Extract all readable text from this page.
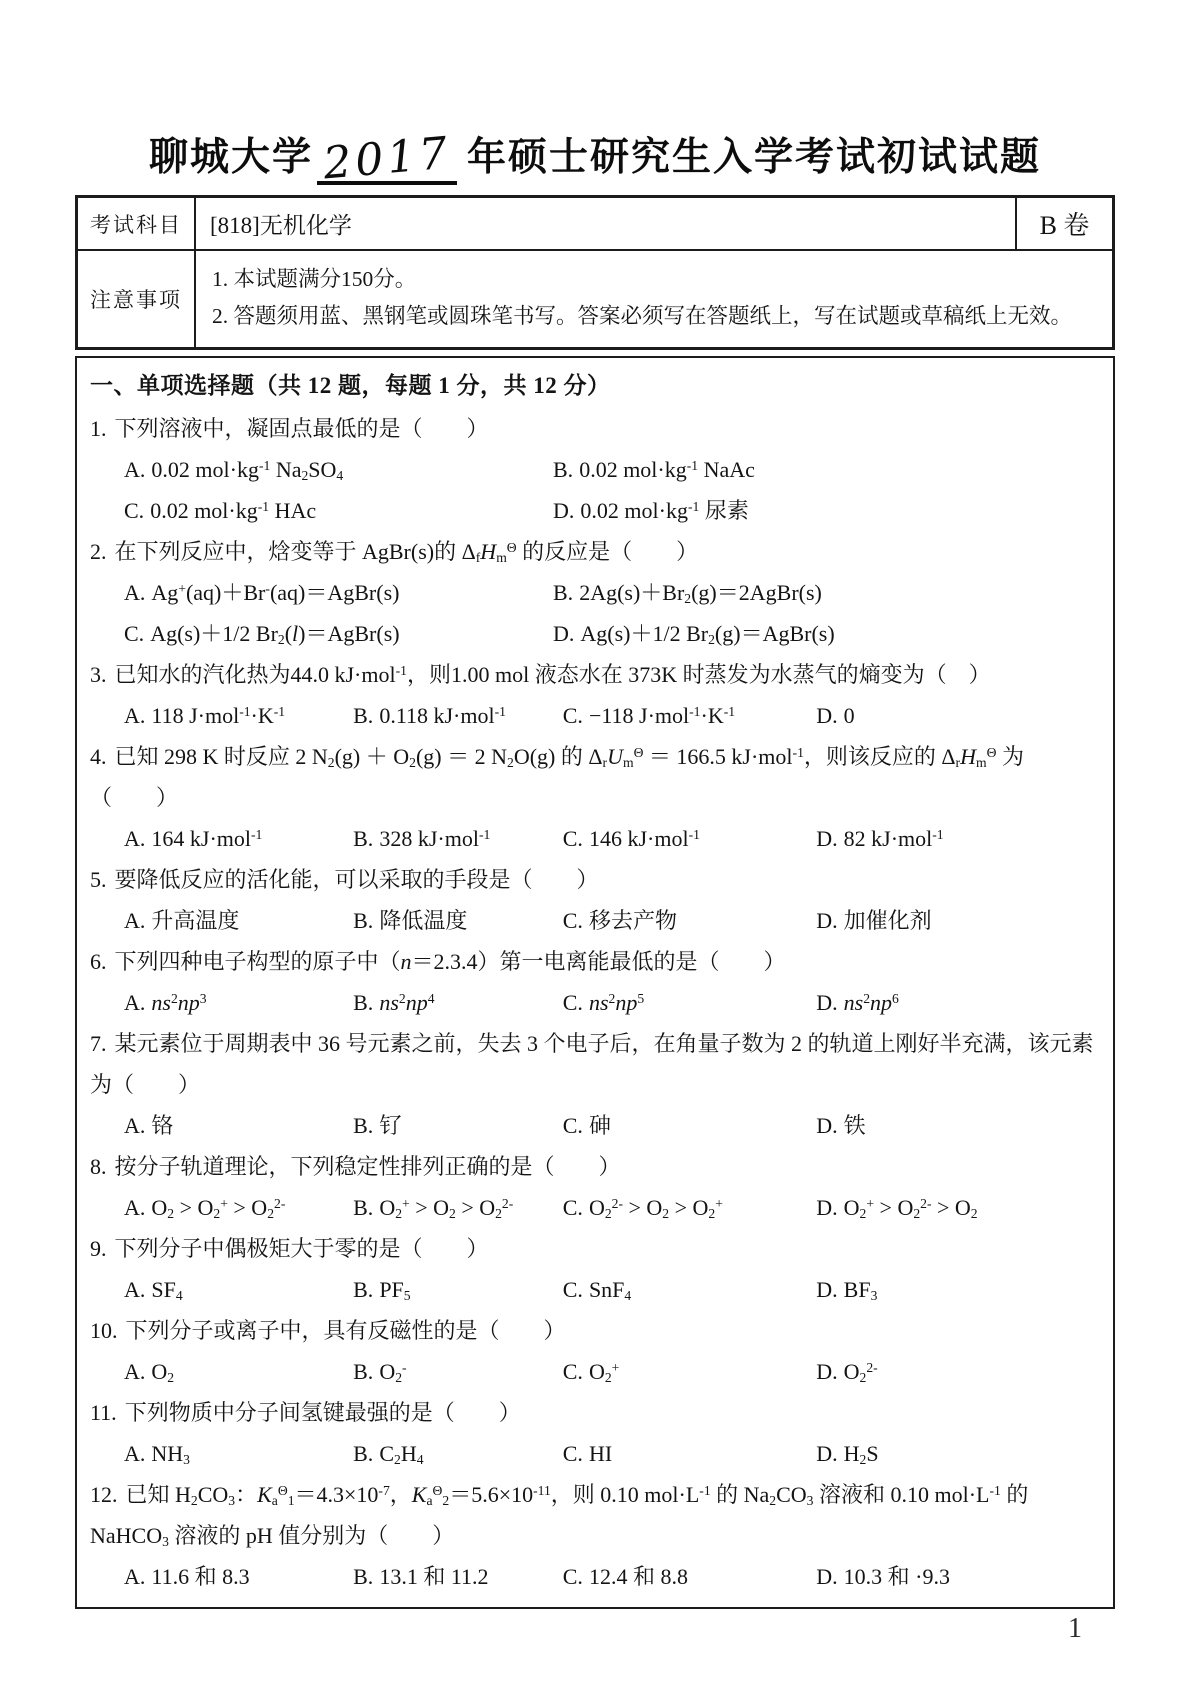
聊城大学 2017 年硕士研究生入学考试初试试题
考试科目	[818]无机化学	B 卷
注意事项
1. 本试题满分150分。
2. 答题须用蓝、黑钢笔或圆珠笔书写。答案必须写在答题纸上，写在试题或草稿纸上无效。
一、单项选择题（共 12 题，每题 1 分，共 12 分）
1. 下列溶液中，凝固点最低的是（　　）
A. 0.02 $mol\cdot kg^{-1}$ $Na_2SO_4$	B. 0.02 $mol\cdot kg^{-1}$ NaAc
C. 0.02 $mol\cdot kg^{-1}$ HAc	D. 0.02 $mol\cdot kg^{-1}$ 尿素
2. 在下列反应中，焓变等于 AgBr(s)的 $\Delta_fH_m^\Theta$ 的反应是（　　）
A. Ag+(aq)＋Br-(aq)＝AgBr(s)	B. $2Ag(s)+Br_2(g)=2AgBr(s)$
C. Ag(s)＋1/2 $Br_2(l)=AgBr(s)$	D. Ag(s)＋1/2 $Br_2(g)=AgBr(s)$
3. 已知水的汽化热为44.0 kJ·mol$^{-1}$，则1.00 mol 液态水在 373K 时蒸发为水蒸气的熵变为（　）
A. 118 $J\cdot mol^{-1}\cdot K^{-1}$	B. 0.118 kJ·mol$^{-1}$	C. −118 $J\cdot mol^{-1}\cdot K^{-1}$	D. 0
4. 已知 298 K 时反应 2 $N_2(g) + O_2(g) = 2$ $N_2O(g)$ 的 $\Delta_rU_m^\Theta = 166.5$ kJ·mol$^{-1}$，则该反应的 $\Delta_rH_m^\Theta$ 为（　　）
A. 164 kJ·mol$^{-1}$	B. 328 kJ·mol$^{-1}$	C. 146 kJ·mol$^{-1}$	D. 82 kJ·mol$^{-1}$
5. 要降低反应的活化能，可以采取的手段是（　　）
A. 升高温度	B. 降低温度	C. 移去产物	D. 加催化剂
6. 下列四种电子构型的原子中（n＝2.3.4）第一电离能最低的是（　　）
A. $ns^2np^3$	B. $ns^2np^4$	C. $ns^2np^5$	D. $ns^2np^6$
7. 某元素位于周期表中 36 号元素之前，失去 3 个电子后，在角量子数为 2 的轨道上刚好半充满，该元素为（　　）
A. 铬	B. 钌	C. 砷	D. 铁
8. 按分子轨道理论，下列稳定性排列正确的是（　　）
A. $O_2 > O_2^+ > O_2^{2-}$	B. $O_2^+ > O_2 > O_2^{2-}$	C. $O_2^{2-} > O_2 > O_2^+$	D. $O_2^+ > O_2^{2-} > O_2$
9. 下列分子中偶极矩大于零的是（　　）
A. $SF_4$	B. $PF_5$	C. SnF$_4$	D. $BF_3$
10. 下列分子或离子中，具有反磁性的是（　　）
A. $O_2$	B. $O_2^-$	C. $O_2^+$	D. $O_2^{2-}$
11. 下列物质中分子间氢键最强的是（　　）
A. $NH_3$	B. $C_2H_4$	C. HI	D. $H_2S$
12. 已知 $H_2CO_3$：$K_a^\Theta_1=4.3\times 10^{-7}$，$K_a^\Theta_2=5.6\times 10^{-11}$，则 0.10 $mol\cdot L^{-1}$ 的 $Na_2CO_3$ 溶液和 0.10 $mol\cdot L^{-1}$ 的 NaHCO$_3$ 溶液的 pH 值分别为（　　）
A. 11.6 和 8.3	B. 13.1 和 11.2	C. 12.4 和 8.8	D. 10.3 和 ·9.3
1
